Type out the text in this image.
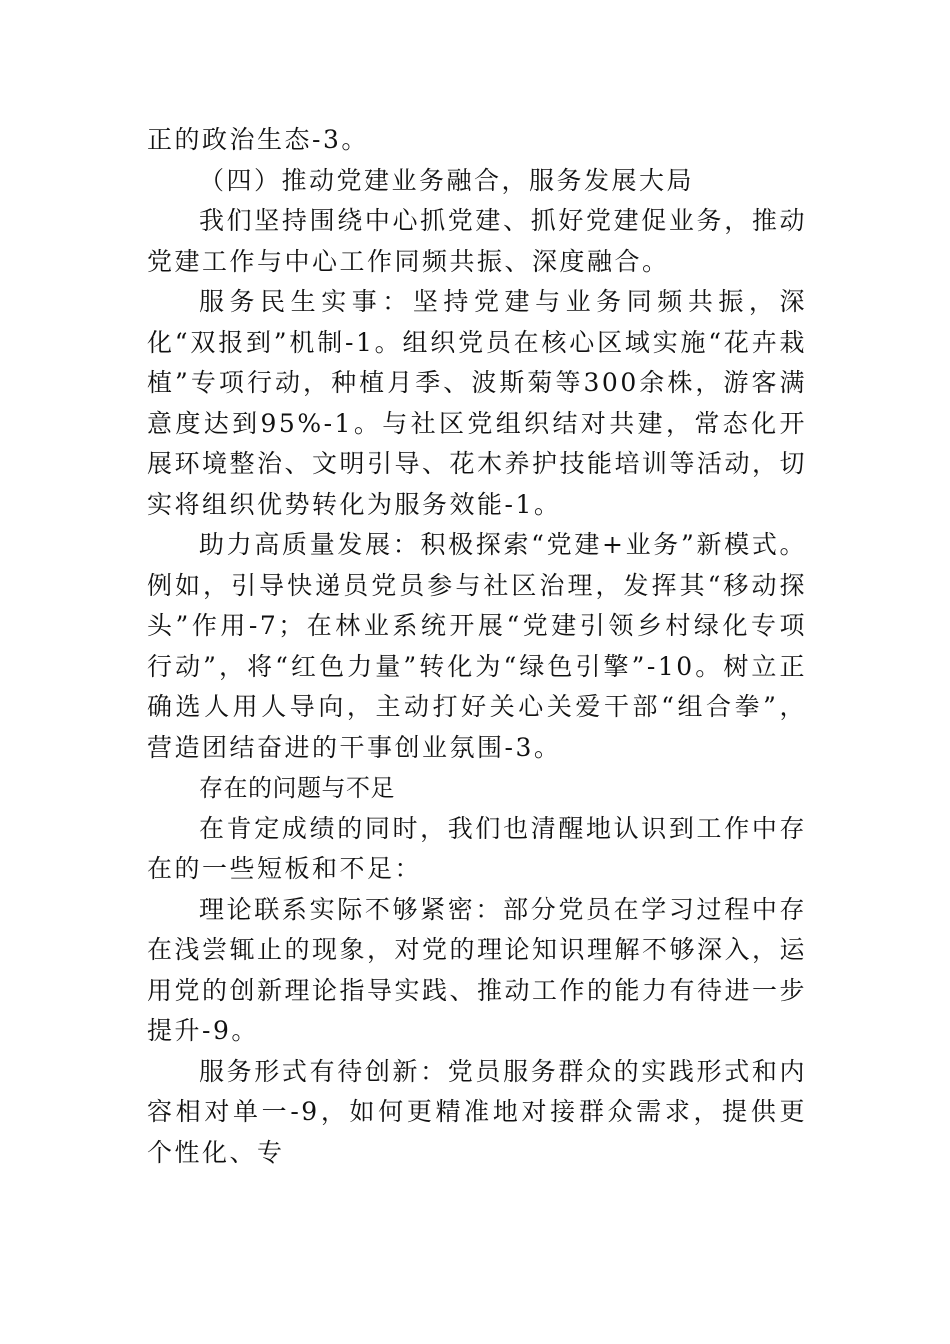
正的政治生态-3。

（四）推动党建业务融合，服务发展大局

我们坚持围绕中心抓党建、抓好党建促业务，推动党建工作与中心工作同频共振、深度融合。

服务民生实事：坚持党建与业务同频共振，深化“双报到”机制-1。组织党员在核心区域实施“花卉栽植”专项行动，种植月季、波斯菊等300余株，游客满意度达到95%-1。与社区党组织结对共建，常态化开展环境整治、文明引导、花木养护技能培训等活动，切实将组织优势转化为服务效能-1。

助力高质量发展：积极探索“党建+业务”新模式。例如，引导快递员党员参与社区治理，发挥其“移动探头”作用-7；在林业系统开展“党建引领乡村绿化专项行动”，将“红色力量”转化为“绿色引擎”-10。树立正确选人用人导向，主动打好关心关爱干部“组合拳”，营造团结奋进的干事创业氛围-3。

存在的问题与不足

在肯定成绩的同时，我们也清醒地认识到工作中存在的一些短板和不足：

理论联系实际不够紧密：部分党员在学习过程中存在浅尝辄止的现象，对党的理论知识理解不够深入，运用党的创新理论指导实践、推动工作的能力有待进一步提升-9。

服务形式有待创新：党员服务群众的实践形式和内容相对单一-9，如何更精准地对接群众需求，提供更个性化、专
